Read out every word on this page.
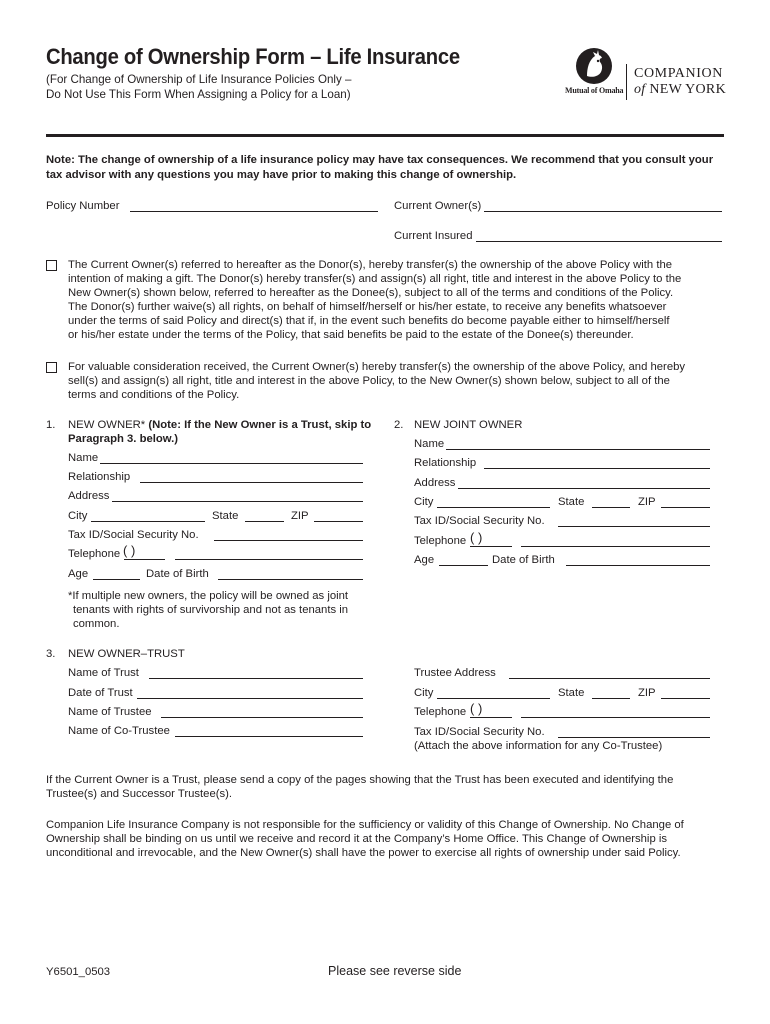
Change of Ownership Form – Life Insurance
(For Change of Ownership of Life Insurance Policies Only –
Do Not Use This Form When Assigning a Policy for a Loan)	Mutual of Omaha
COMPANION
of NEW YORK
Note: The change of ownership of a life insurance policy may have tax consequences. We recommend that you consult your
tax advisor with any questions you may have prior to making this change of ownership.
Policy Number	Current Owner(s)
Current Insured
The Current Owner(s) referred to hereafter as the Donor(s), hereby transfer(s) the ownership of the above Policy with the
intention of making a gift. The Donor(s) hereby transfer(s) and assign(s) all right, title and interest in the above Policy to the
New Owner(s) shown below, referred to hereafter as the Donee(s), subject to all of the terms and conditions of the Policy.
The Donor(s) further waive(s) all rights, on behalf of himself/herself or his/her estate, to receive any benefits whatsoever
under the terms of said Policy and direct(s) that if, in the event such benefits do become payable either to himself/herself
or his/her estate under the terms of the Policy, that said benefits be paid to the estate of the Donee(s) thereunder.
For valuable consideration received, the Current Owner(s) hereby transfer(s) the ownership of the above Policy, and hereby
sell(s) and assign(s) all right, title and interest in the above Policy, to the New Owner(s) shown below, subject to all of the
terms and conditions of the Policy.
1. NEW OWNER* (Note: If the New Owner is a Trust, skip to
Paragraph 3. below.)
Name
Relationship
Address
City	State	ZIP
Tax ID/Social Security No.
Telephone ( )
Age	Date of Birth
*If multiple new owners, the policy will be owned as joint
tenants with rights of survivorship and not as tenants in
common.
2. NEW JOINT OWNER
Name
Relationship
Address
City	State	ZIP
Tax ID/Social Security No.
Telephone ( )
Age	Date of Birth
3. NEW OWNER–TRUST
Name of Trust
Date of Trust
Name of Trustee
Name of Co-Trustee
Trustee Address
City	State	ZIP
Telephone ( )
Tax ID/Social Security No.
(Attach the above information for any Co-Trustee)
If the Current Owner is a Trust, please send a copy of the pages showing that the Trust has been executed and identifying the
Trustee(s) and Successor Trustee(s).
Companion Life Insurance Company is not responsible for the sufficiency or validity of this Change of Ownership. No Change of
Ownership shall be binding on us until we receive and record it at the Company’s Home Office. This Change of Ownership is
unconditional and irrevocable, and the New Owner(s) shall have the power to exercise all rights of ownership under said Policy.
Y6501_0503	Please see reverse side
